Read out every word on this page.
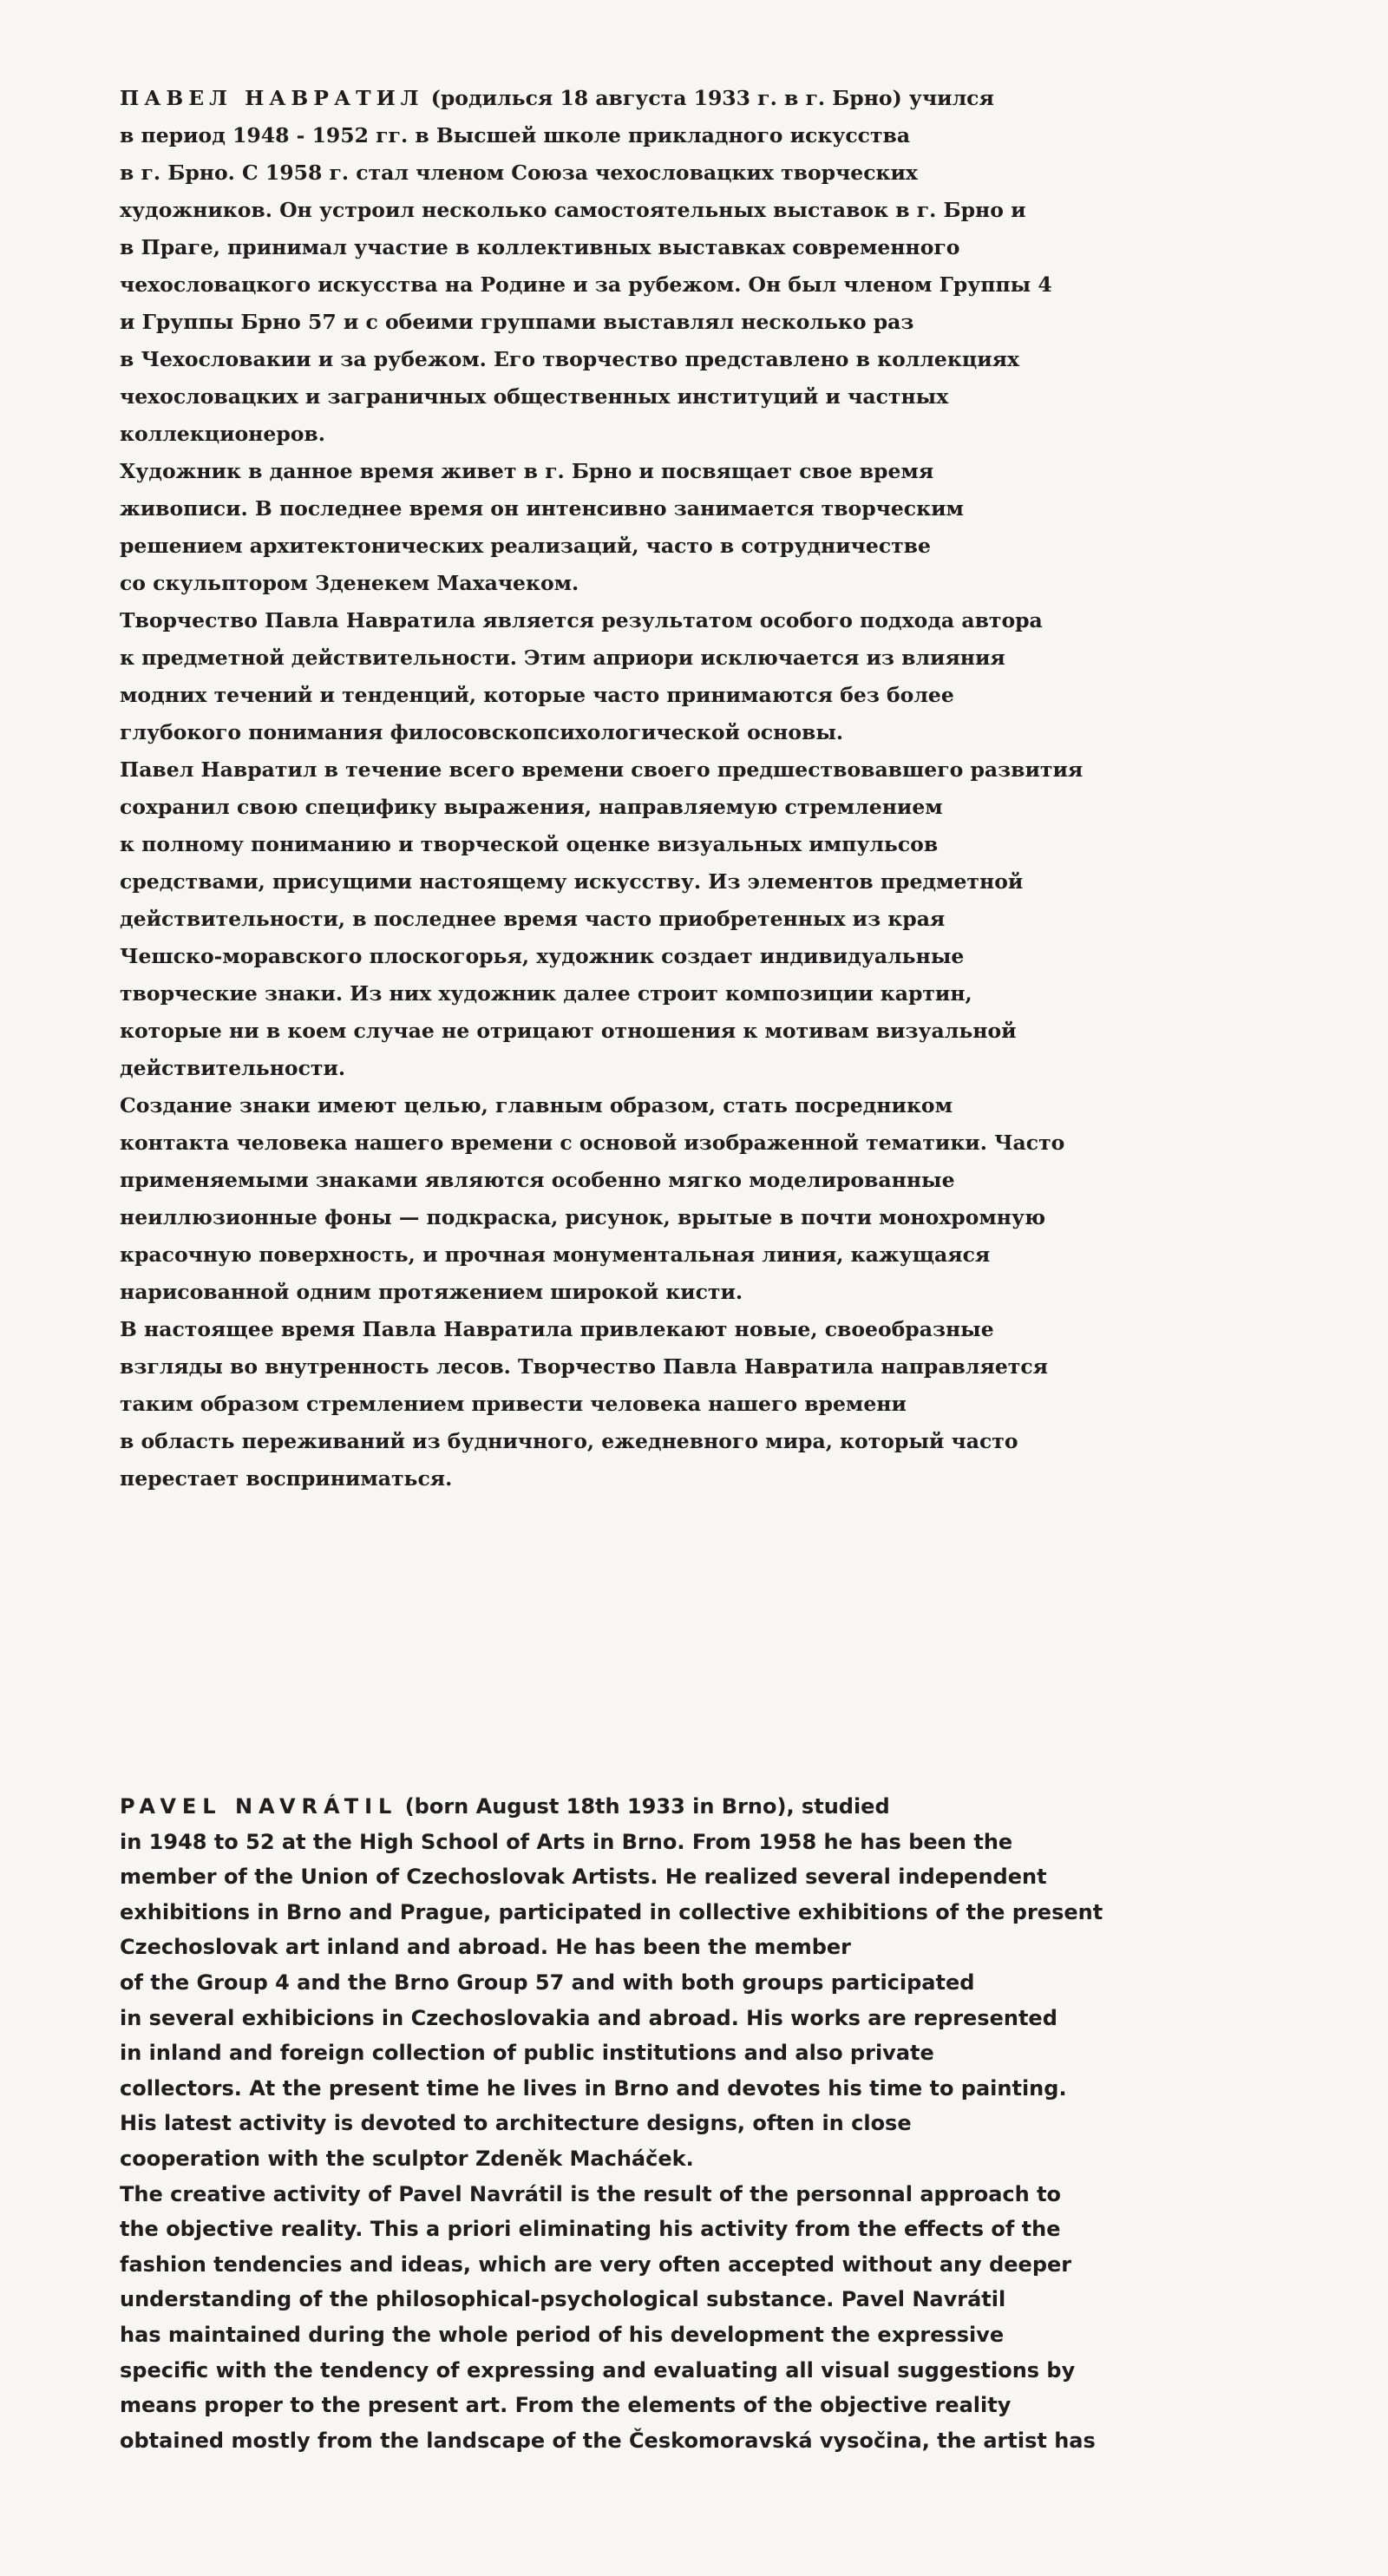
ПАВЕЛ НАВРАТИЛ (родилься 18 августа 1933 г. в г. Брно) учился
в период 1948 - 1952 гг. в Высшей школе прикладного искусства
в г. Брно. С 1958 г. стал членом Союза чехословацких творческих
художников. Он устроил несколько самостоятельных выставок в г. Брно и
в Праге, принимал участие в коллективных выставках современного
чехословацкого искусства на Родине и за рубежом. Он был членом Группы 4
и Группы Брно 57 и с обеими группами выставлял несколько раз
в Чехословакии и за рубежом. Его творчество представлено в коллекциях
чехословацких и заграничных общественных институций и частных
коллекционеров.
Художник в данное время живет в г. Брно и посвящает свое время
живописи. В последнее время он интенсивно занимается творческим
решением архитектонических реализаций, часто в сотрудничестве
со скульптором Зденекем Махачеком.
Творчество Павла Навратила является результатом особого подхода автора
к предметной действительности. Этим априори исключается из влияния
модних течений и тенденций, которые часто принимаются без более
глубокого понимания филосовскопсихологической основы.
Павел Навратил в течение всего времени своего предшествовавшего развития
сохранил свою специфику выражения, направляемую стремлением
к полному пониманию и творческой оценке визуальных импульсов
средствами, присущими настоящему искусству. Из элементов предметной
действительности, в последнее время часто приобретенных из края
Чешско-моравского плоскогорья, художник создает индивидуальные
творческие знаки. Из них художник далее строит композиции картин,
которые ни в коем случае не отрицают отношения к мотивам визуальной
действительности.
Создание знаки имеют целью, главным образом, стать посредником
контакта человека нашего времени с основой изображенной тематики. Часто
применяемыми знаками являются особенно мягко моделированные
неиллюзионные фоны — подкраска, рисунок, врытые в почти монохромную
красочную поверхность, и прочная монументальная линия, кажущаяся
нарисованной одним протяжением широкой кисти.
В настоящее время Павла Навратила привлекают новые, своеобразные
взгляды во внутренность лесов. Творчество Павла Навратила направляется
таким образом стремлением привести человека нашего времени
в область переживаний из будничного, ежедневного мира, который часто
перестает восприниматься.
PAVEL NAVRÁTIL (born August 18th 1933 in Brno), studied
in 1948 to 52 at the High School of Arts in Brno. From 1958 he has been the
member of the Union of Czechoslovak Artists. He realized several independent
exhibitions in Brno and Prague, participated in collective exhibitions of the present
Czechoslovak art inland and abroad. He has been the member
of the Group 4 and the Brno Group 57 and with both groups participated
in several exhibicions in Czechoslovakia and abroad. His works are represented
in inland and foreign collection of public institutions and also private
collectors. At the present time he lives in Brno and devotes his time to painting.
His latest activity is devoted to architecture designs, often in close
cooperation with the sculptor Zdeněk Macháček.
The creative activity of Pavel Navrátil is the result of the personnal approach to
the objective reality. This a priori eliminating his activity from the effects of the
fashion tendencies and ideas, which are very often accepted without any deeper
understanding of the philosophical-psychological substance. Pavel Navrátil
has maintained during the whole period of his development the expressive
specific with the tendency of expressing and evaluating all visual suggestions by
means proper to the present art. From the elements of the objective reality
obtained mostly from the landscape of the Českomoravská vysočina, the artist has
